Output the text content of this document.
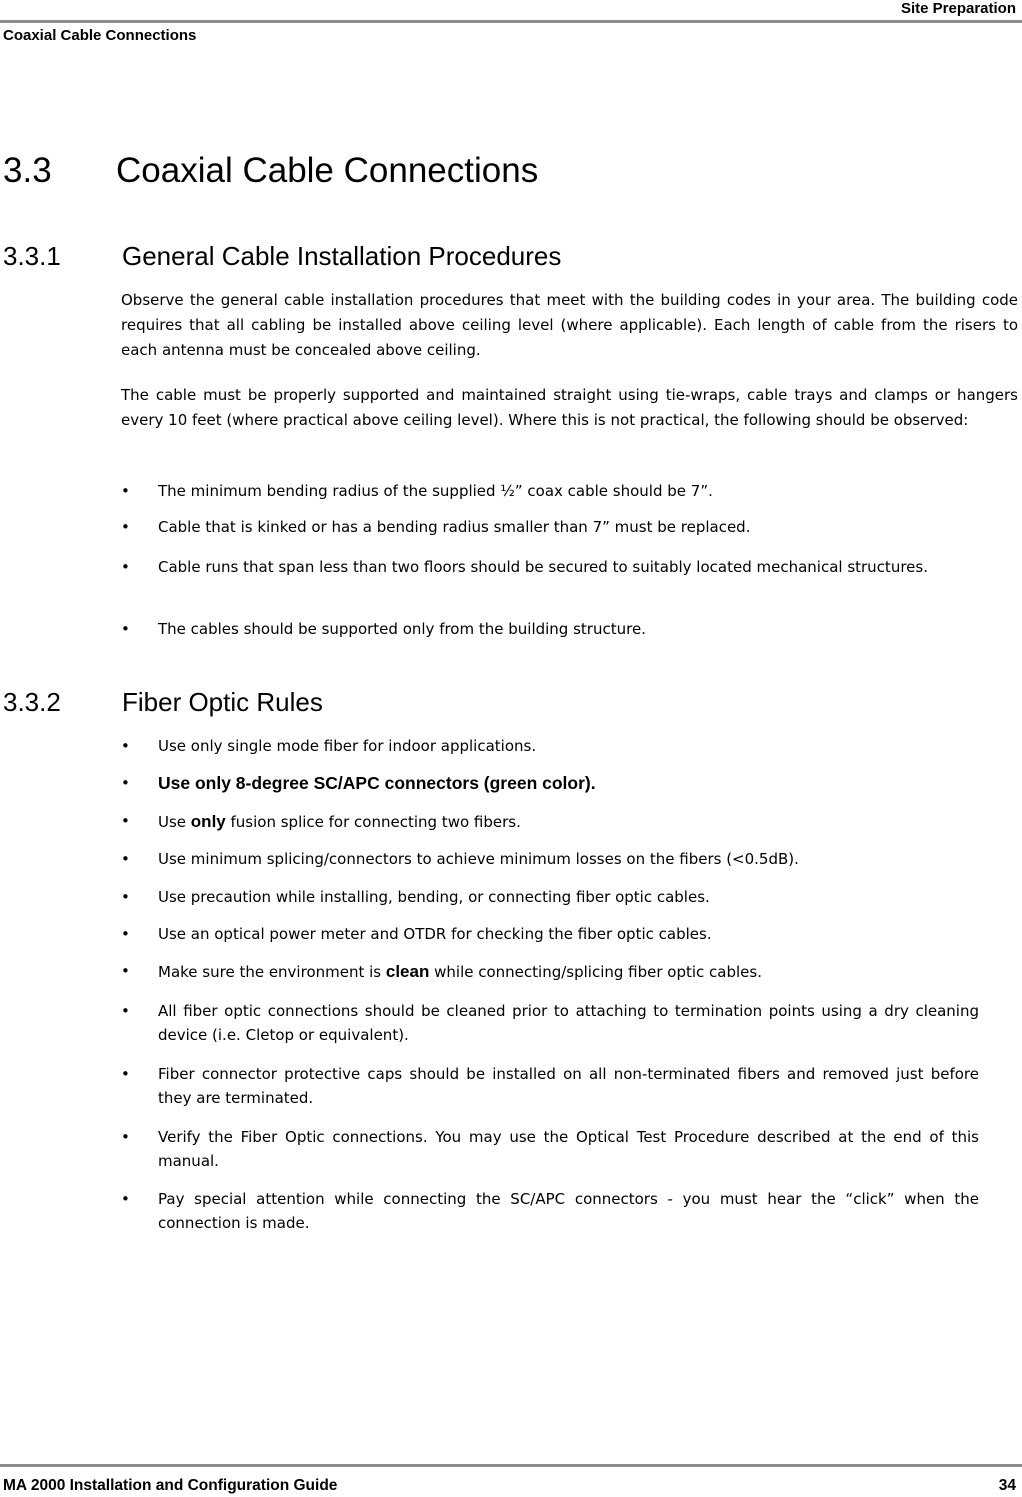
Site Preparation
Coaxial Cable Connections
3.3 Coaxial Cable Connections
3.3.1 General Cable Installation Procedures
Observe the general cable installation procedures that meet with the building codes in your area. The building code requires that all cabling be installed above ceiling level (where applicable). Each length of cable from the risers to each antenna must be concealed above ceiling.
The cable must be properly supported and maintained straight using tie-wraps, cable trays and clamps or hangers every 10 feet (where practical above ceiling level). Where this is not practical, the following should be observed:
•	The minimum bending radius of the supplied ½” coax cable should be 7”.
•	Cable that is kinked or has a bending radius smaller than 7” must be replaced.
•	Cable runs that span less than two floors should be secured to suitably located mechanical structures.
•	The cables should be supported only from the building structure.
3.3.2 Fiber Optic Rules
•	Use only single mode fiber for indoor applications.
•	Use only 8-degree SC/APC connectors (green color).
•	Use only fusion splice for connecting two fibers.
•	Use minimum splicing/connectors to achieve minimum losses on the fibers (<0.5dB).
•	Use precaution while installing, bending, or connecting fiber optic cables.
•	Use an optical power meter and OTDR for checking the fiber optic cables.
•	Make sure the environment is clean while connecting/splicing fiber optic cables.
•	All fiber optic connections should be cleaned prior to attaching to termination points using a dry cleaning device (i.e. Cletop or equivalent).
•	Fiber connector protective caps should be installed on all non-terminated fibers and removed just before they are terminated.
•	Verify the Fiber Optic connections. You may use the Optical Test Procedure described at the end of this manual.
•	Pay special attention while connecting the SC/APC connectors - you must hear the “click” when the connection is made.
MA 2000 Installation and Configuration Guide	34
